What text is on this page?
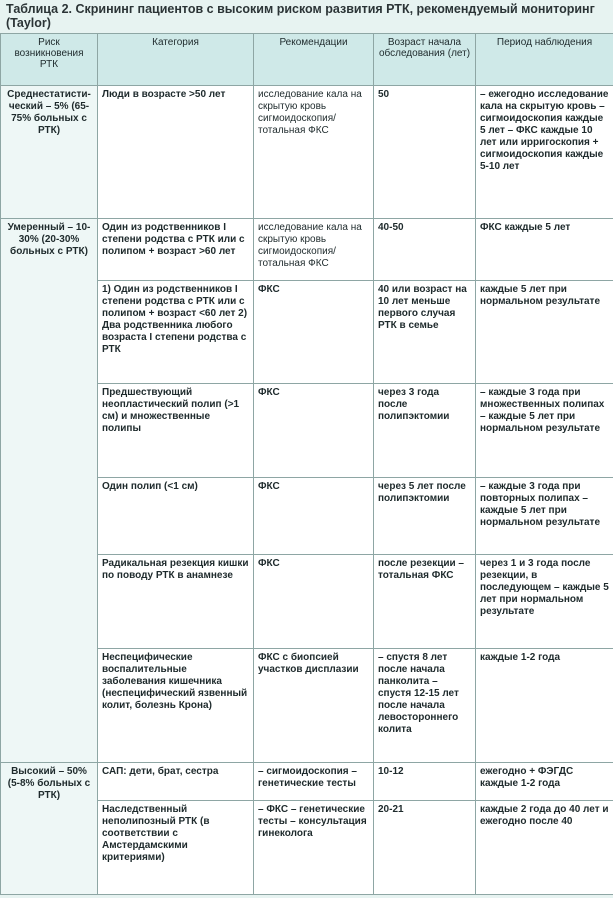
Таблица 2. Скрининг пациентов с высоким риском развития РТК, рекомендуемый мониторинг (Taylor)
Риск возникновения РТК	Категория	Рекомендации	Возраст начала обследования (лет)	Период наблюдения
Среднестатисти-ческий – 5% (65-75% больных с РТК)	Люди в возрасте >50 лет	исследование кала на скрытую кровь сигмоидоскопия/ тотальная ФКС	50	– ежегодно исследование кала на скрытую кровь – сигмоидоскопия каждые 5 лет – ФКС каждые 10 лет или ирригоскопия + сигмоидоскопия каждые 5-10 лет
Умеренный – 10-30% (20-30% больных с РТК)	Один из родственников I степени родства с РТК или с полипом + возраст >60 лет	исследование кала на скрытую кровь сигмоидоскопия/ тотальная ФКС	40-50	ФКС каждые 5 лет
	1) Один из родственников I степени родства с РТК или с полипом + возраст <60 лет 2) Два родственника любого возраста I степени родства с РТК	ФКС	40 или возраст на 10 лет меньше первого случая РТК в семье	каждые 5 лет при нормальном результате
	Предшествующий неопластический полип (>1 см) и множественные полипы	ФКС	через 3 года после полипэктомии	– каждые 3 года при множественных полипах – каждые 5 лет при нормальном результате
	Один полип (<1 см)	ФКС	через 5 лет после полипэктомии	– каждые 3 года при повторных полипах – каждые 5 лет при нормальном результате
	Радикальная резекция кишки по поводу РТК в анамнезе	ФКС	после резекции – тотальная ФКС	через 1 и 3 года после резекции, в последующем – каждые 5 лет при нормальном результате
	Неспецифические воспалительные заболевания кишечника (неспецифический язвенный колит, болезнь Крона)	ФКС с биопсией участков дисплазии	– спустя 8 лет после начала панколита – спустя 12-15 лет после начала левостороннего колита	каждые 1-2 года
Высокий – 50% (5-8% больных с РТК)	САП: дети, брат, сестра	– сигмоидоскопия – генетические тесты	10-12	ежегодно + ФЭГДС каждые 1-2 года
	Наследственный неполипозный РТК (в соответствии с Амстердамскими критериями)	– ФКС – генетические тесты – консультация гинеколога	20-21	каждые 2 года до 40 лет и ежегодно после 40
